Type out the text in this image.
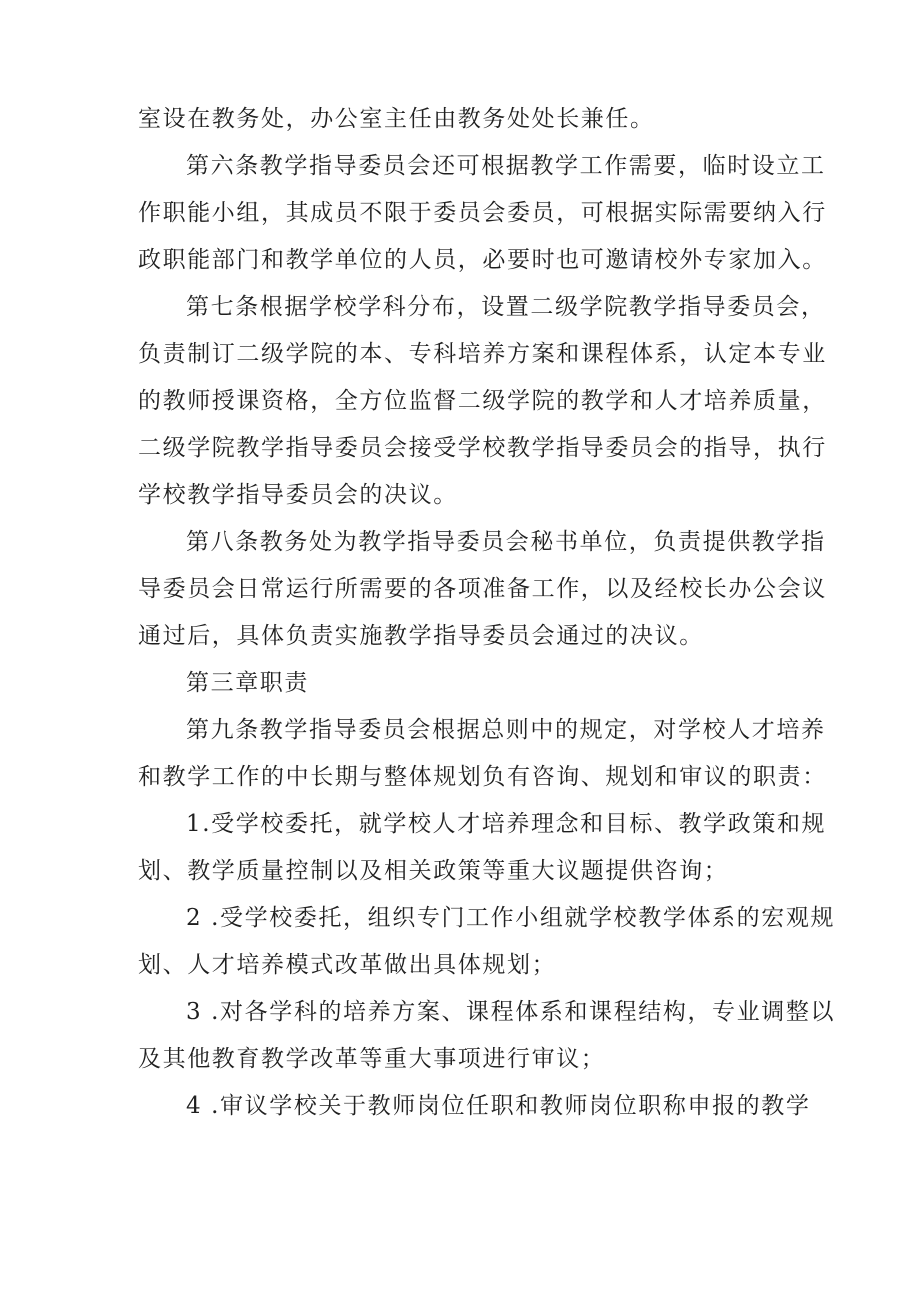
室设在教务处，办公室主任由教务处处长兼任。

第六条教学指导委员会还可根据教学工作需要，临时设立工

作职能小组，其成员不限于委员会委员，可根据实际需要纳入行

政职能部门和教学单位的人员，必要时也可邀请校外专家加入。

第七条根据学校学科分布，设置二级学院教学指导委员会，

负责制订二级学院的本、专科培养方案和课程体系，认定本专业

的教师授课资格，全方位监督二级学院的教学和人才培养质量，

二级学院教学指导委员会接受学校教学指导委员会的指导，执行

学校教学指导委员会的决议。

第八条教务处为教学指导委员会秘书单位，负责提供教学指

导委员会日常运行所需要的各项准备工作，以及经校长办公会议

通过后，具体负责实施教学指导委员会通过的决议。

第三章职责

第九条教学指导委员会根据总则中的规定，对学校人才培养

和教学工作的中长期与整体规划负有咨询、规划和审议的职责：

1.受学校委托，就学校人才培养理念和目标、教学政策和规

划、教学质量控制以及相关政策等重大议题提供咨询；

2 .受学校委托，组织专门工作小组就学校教学体系的宏观规

划、人才培养模式改革做出具体规划；

3 .对各学科的培养方案、课程体系和课程结构，专业调整以

及其他教育教学改革等重大事项进行审议；

4 .审议学校关于教师岗位任职和教师岗位职称申报的教学
